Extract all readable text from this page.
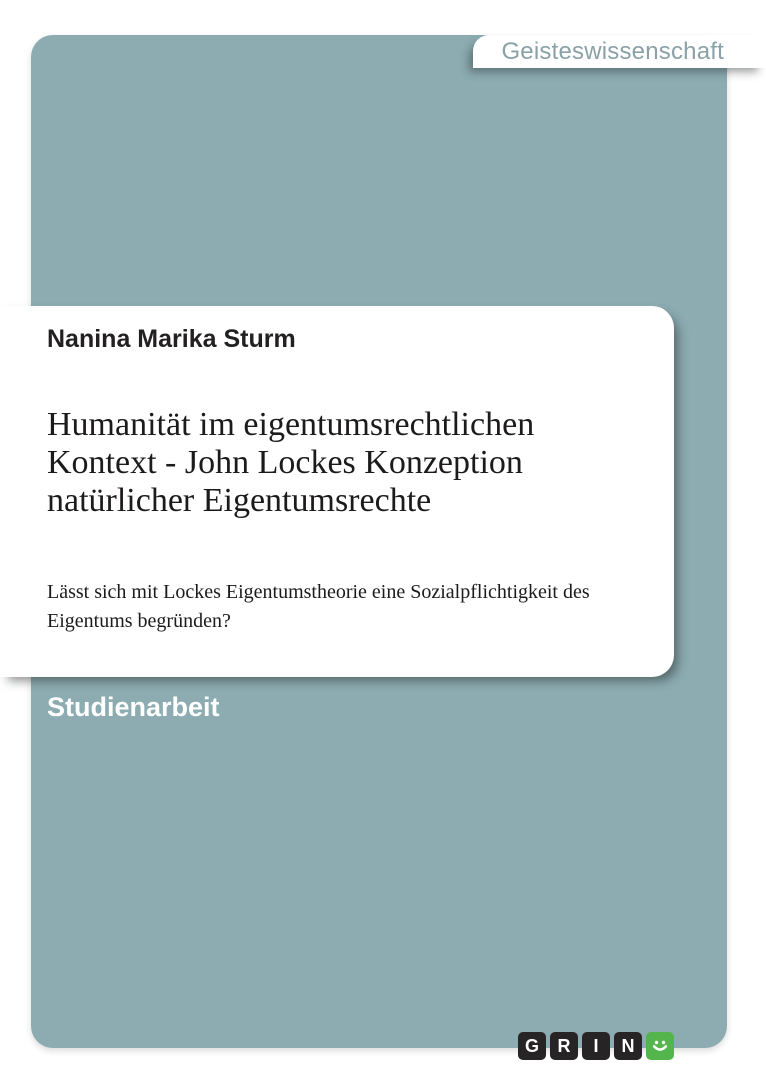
Geisteswissenschaft
Nanina Marika Sturm
Humanität im eigentumsrechtlichen
Kontext - John Lockes Konzeption
natürlicher Eigentumsrechte
Lässt sich mit Lockes Eigentumstheorie eine Sozialpflichtigkeit des
Eigentums begründen?
Studienarbeit
G R I N
